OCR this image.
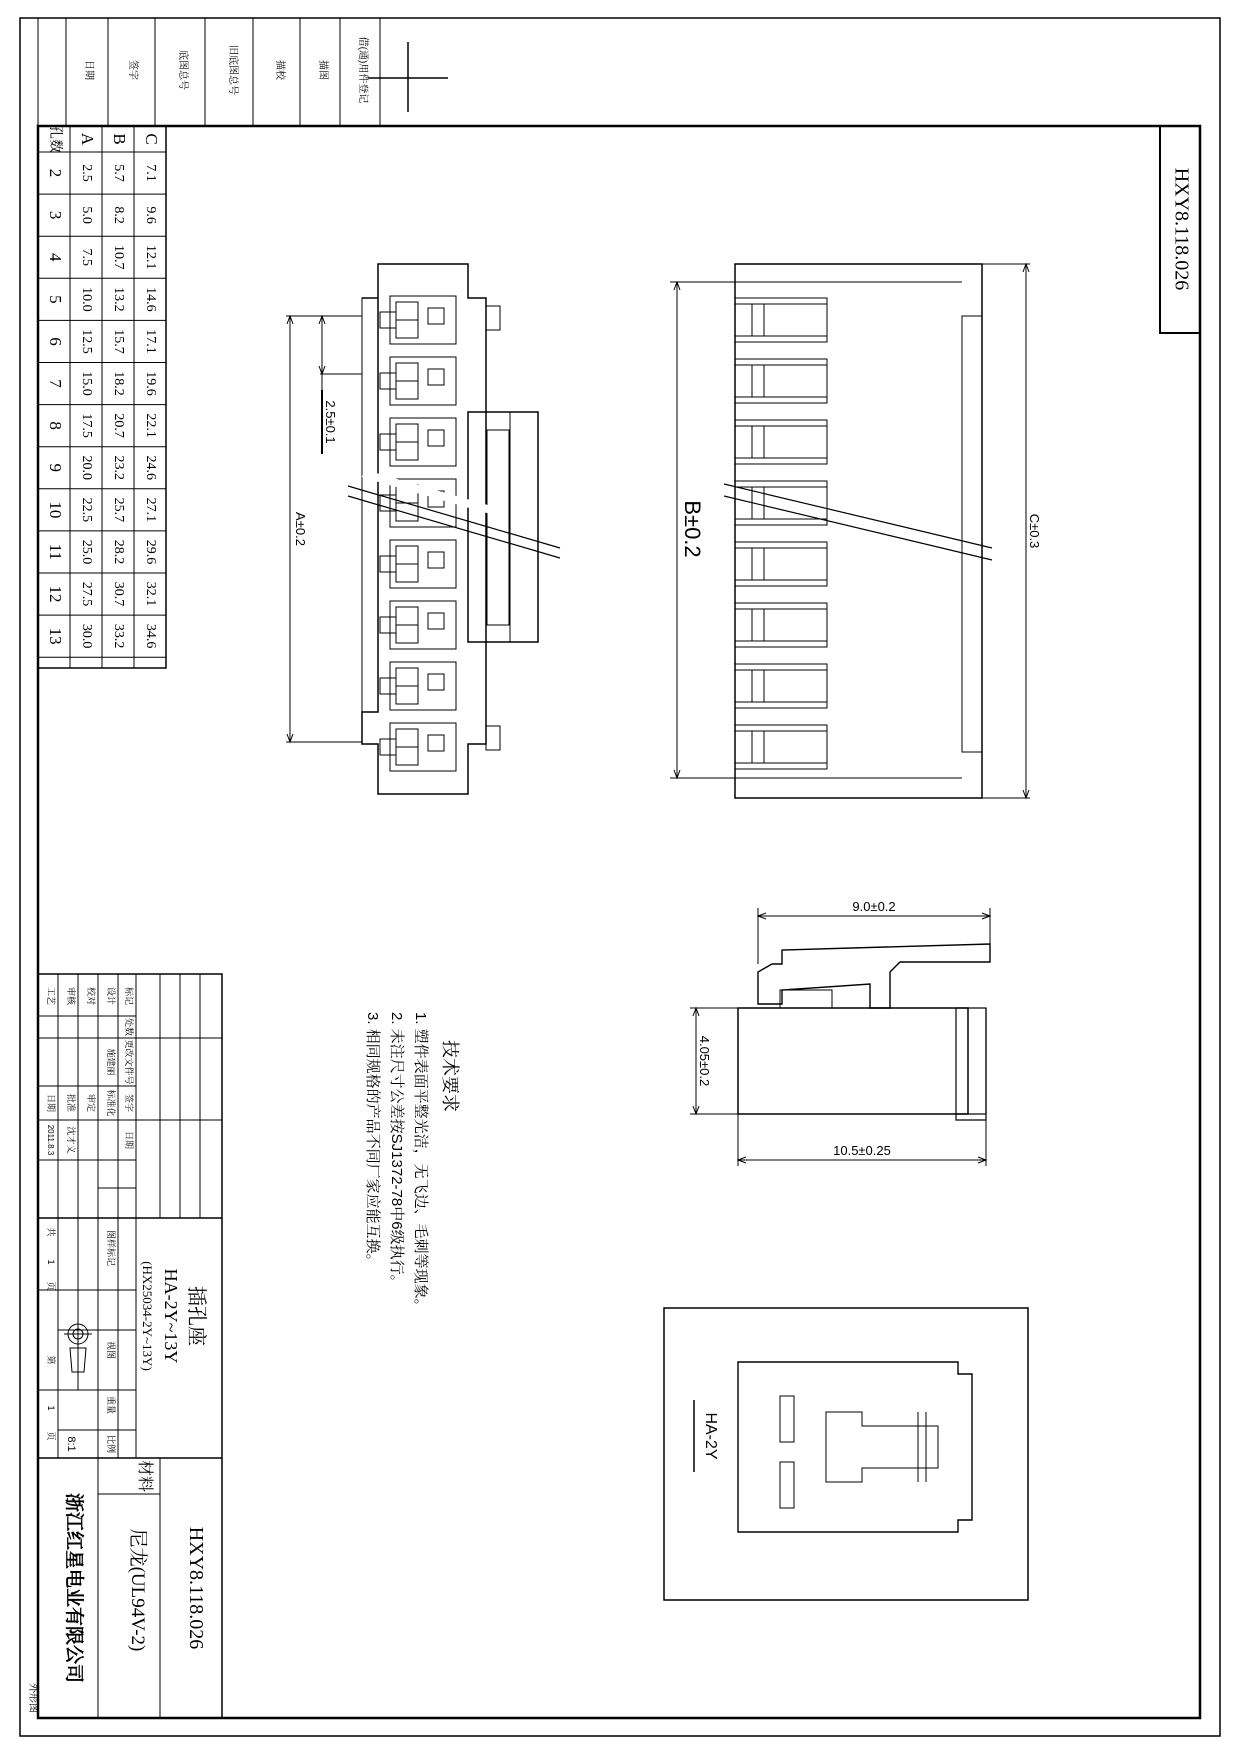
HXY8.118.026
借(通)用件登记
描图
描校
旧底图总号
底图总号
签字
日期
C
7.1
9.6
12.1
14.6
17.1
19.6
22.1
24.6
27.1
29.6
32.1
34.6
B
5.7
8.2
10.7
13.2
15.7
18.2
20.7
23.2
25.7
28.2
30.7
33.2
A
2.5
5.0
7.5
10.0
12.5
15.0
17.5
20.0
22.5
25.0
27.5
30.0
孔数
2
3
4
5
6
7
8
9
10
11
12
13
2.5±0.1
A±0.2	B±0.2	C±0.3
9.0±0.2
4.05±0.2
10.5±0.25
HA-2Y
技术要求
1. 塑件表面平整光洁，无飞边、毛刺等现象。
2. 未注尺寸公差按SJ1372-78中6级执行。
3. 相同规格的产品不同厂家应能互换。
标记
处数
更改文件号
签字
日期
设计
校对
审核
工艺
施建丽
标准化
审定
批准
日期
2011.8.3 沈才义
插孔座
HA-2Y~13Y
(HX25034-2Y~13Y)
图样标记
视图
重量
比例
8:1
共
1
页
第
1
页
材料
尼龙(UL94V-2) HXY8.118.026
浙江红星电业有限公司
外形图
